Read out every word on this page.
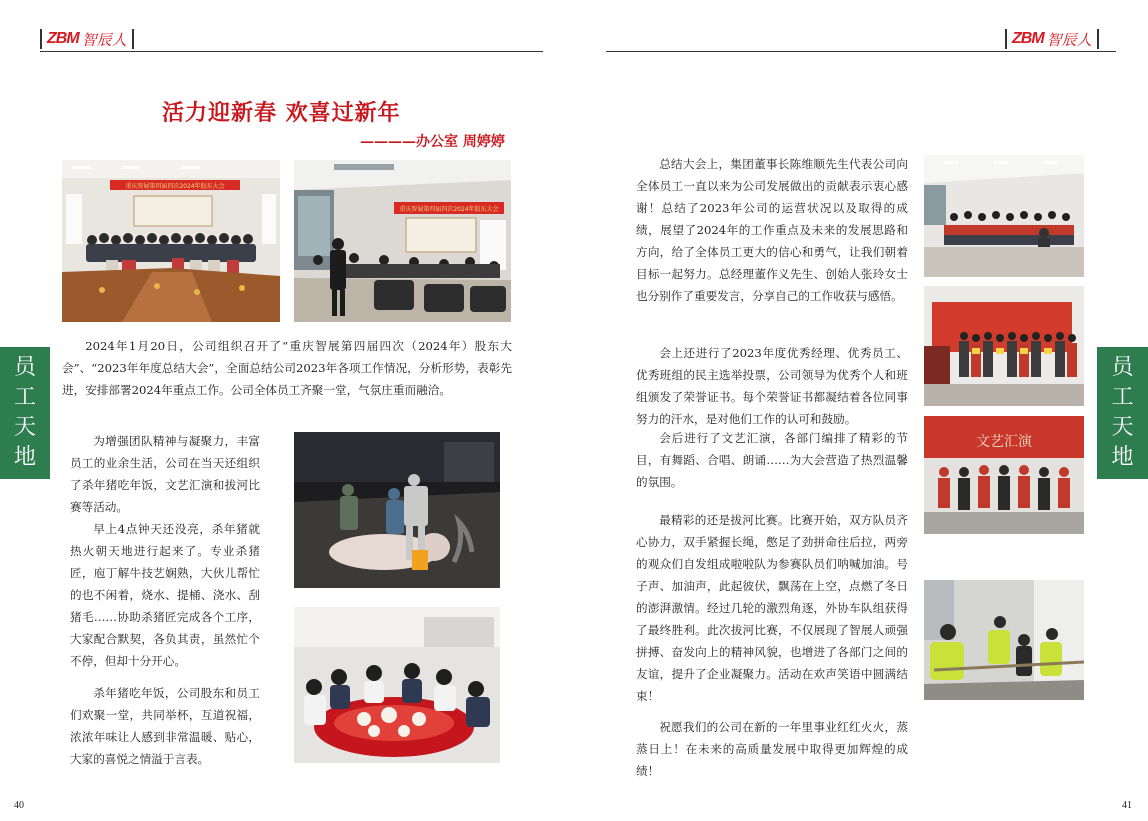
ZBM 智辰人
活力迎新春 欢喜过新年
————办公室 周婷婷
重庆智展第四届四次2024年股东大会
重庆智展第四届四次2024年股东大会

2024年1月20日，公司组织召开了“重庆智展第四届四次（2024年）股东大会”、“2023年年度总结大会”，全面总结公司2023年各项工作情况，分析形势，表彰先进，安排部署2024年重点工作。公司全体员工齐聚一堂，气氛庄重而融洽。

为增强团队精神与凝聚力，丰富员工的业余生活，公司在当天还组织了杀年猪吃年饭，文艺汇演和拔河比赛等活动。

早上4点钟天还没亮，杀年猪就热火朝天地进行起来了。专业杀猪匠，庖丁解牛技艺娴熟，大伙儿帮忙的也不闲着，烧水、提桶、浇水、刮猪毛……协助杀猪匠完成各个工序，大家配合默契，各负其责，虽然忙个不停，但却十分开心。

杀年猪吃年饭，公司股东和员工们欢聚一堂，共同举杯，互道祝福，浓浓年味让人感到非常温暖、贴心，大家的喜悦之情溢于言表。

员
工
天
地
40
ZBM 智辰人

总结大会上，集团董事长陈维顺先生代表公司向全体员工一直以来为公司发展做出的贡献表示衷心感谢！总结了2023年公司的运营状况以及取得的成绩，展望了2024年的工作重点及未来的发展思路和方向，给了全体员工更大的信心和勇气，让我们朝着目标一起努力。总经理董作义先生、创始人张玲女士也分别作了重要发言，分享自己的工作收获与感悟。

会上还进行了2023年度优秀经理、优秀员工、优秀班组的民主选举投票，公司领导为优秀个人和班组颁发了荣誉证书。每个荣誉证书都凝结着各位同事努力的汗水，是对他们工作的认可和鼓励。

会后进行了文艺汇演，各部门编排了精彩的节目，有舞蹈、合唱、朗诵……为大会营造了热烈温馨的氛围。

最精彩的还是拔河比赛。比赛开始，双方队员齐心协力，双手紧握长绳，憋足了劲拼命往后拉，两旁的观众们自发组成啦啦队为参赛队员们呐喊加油。号子声、加油声，此起彼伏，飘荡在上空，点燃了冬日的澎湃激情。经过几轮的激烈角逐，外协车队组获得了最终胜利。此次拔河比赛，不仅展现了智展人顽强拼搏、奋发向上的精神风貌，也增进了各部门之间的友谊，提升了企业凝聚力。活动在欢声笑语中圆满结束！

祝愿我们的公司在新的一年里事业红红火火，蒸蒸日上！在未来的高质量发展中取得更加辉煌的成绩！

文艺汇演
员
工
天
地
41
